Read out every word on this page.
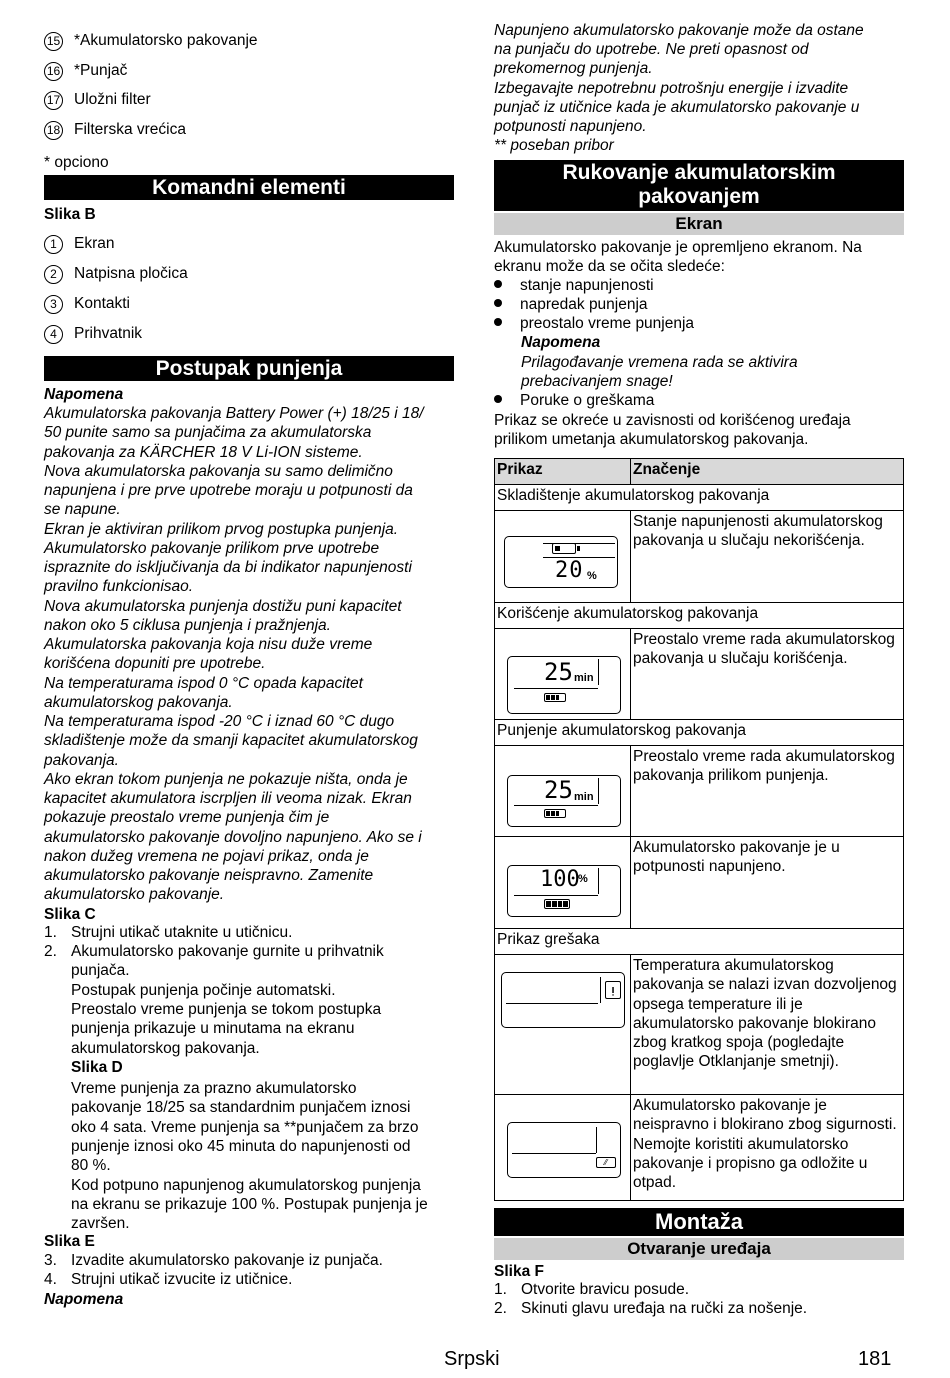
15 *Akumulatorsko pakovanje
16 *Punjač
17 Uložni filter
18 Filterska vrećica
* opciono
Komandni elementi
Slika B
1	Ekran
2	Natpisna pločica
3	Kontakti
4	Prihvatnik
Postupak punjenja
Napomena
Akumulatorska pakovanja Battery Power (+) 18/25 i 18/
50 punite samo sa punjačima za akumulatorska
pakovanja za KÄRCHER 18 V Li-ION sisteme.
Nova akumulatorska pakovanja su samo delimično
napunjena i pre prve upotrebe moraju u potpunosti da
se napune.
Ekran je aktiviran prilikom prvog postupka punjenja.
Akumulatorsko pakovanje prilikom prve upotrebe
ispraznite do isključivanja da bi indikator napunjenosti
pravilno funkcionisao.
Nova akumulatorska punjenja dostižu puni kapacitet
nakon oko 5 ciklusa punjenja i pražnjenja.
Akumulatorska pakovanja koja nisu duže vreme
korišćena dopuniti pre upotrebe.
Na temperaturama ispod 0 °C opada kapacitet
akumulatorskog pakovanja.
Na temperaturama ispod -20 °C i iznad 60 °C dugo
skladištenje može da smanji kapacitet akumulatorskog
pakovanja.
Ako ekran tokom punjenja ne pokazuje ništa, onda je
kapacitet akumulatora iscrpljen ili veoma nizak. Ekran
pokazuje preostalo vreme punjenja čim je
akumulatorsko pakovanje dovoljno napunjeno. Ako se i
nakon dužeg vremena ne pojavi prikaz, onda je
akumulatorsko pakovanje neispravno. Zamenite
akumulatorsko pakovanje.
Slika C
1. Strujni utikač utaknite u utičnicu.
2. Akumulatorsko pakovanje gurnite u prihvatnik
punjača.
Postupak punjenja počinje automatski.
Preostalo vreme punjenja se tokom postupka
punjenja prikazuje u minutama na ekranu
akumulatorskog pakovanja.
Slika D
Vreme punjenja za prazno akumulatorsko
pakovanje 18/25 sa standardnim punjačem iznosi
oko 4 sata. Vreme punjenja sa **punjačem za brzo
punjenje iznosi oko 45 minuta do napunjenosti od
80 %.
Kod potpuno napunjenog akumulatorskog punjenja
na ekranu se prikazuje 100 %. Postupak punjenja je
završen.
Slika E
3. Izvadite akumulatorsko pakovanje iz punjača.
4. Strujni utikač izvucite iz utičnice.
Napomena
Napunjeno akumulatorsko pakovanje može da ostane
na punjaču do upotrebe. Ne preti opasnost od
prekomernog punjenja.
Izbegavajte nepotrebnu potrošnju energije i izvadite
punjač iz utičnice kada je akumulatorsko pakovanje u
potpunosti napunjeno.
** poseban pribor
Rukovanje akumulatorskim
pakovanjem
Ekran
Akumulatorsko pakovanje je opremljeno ekranom. Na
ekranu može da se očita sledeće:
stanje napunjenosti
napredak punjenja
preostalo vreme punjenja
Napomena
Prilagođavanje vremena rada se aktivira
prebacivanjem snage!
Poruke o greškama
Prikaz se okreće u zavisnosti od korišćenog uređaja
prilikom umetanja akumulatorskog pakovanja.
Prikaz	Značenje
Skladištenje akumulatorskog pakovanja	

20 %	Stanje napunjenosti akumulatorskog pakovanja u slučaju nekorišćenja.
Korišćenje akumulatorskog pakovanja	

25 min	Preostalo vreme rada akumulatorskog pakovanja u slučaju korišćenja.
Punjenje akumulatorskog pakovanja	

25 min	Preostalo vreme rada akumulatorskog pakovanja prilikom punjenja.

100
%	Akumulatorsko pakovanje je u potpunosti napunjeno.
Prikaz grešaka	

ᴉ	Temperatura akumulatorskog pakovanja se nalazi izvan dozvoljenog opsega temperature ili je akumulatorsko pakovanje blokirano zbog kratkog spoja (pogledajte poglavlje Otklanjanje smetnji).

⁄⁄	Akumulatorsko pakovanje je neispravno i blokirano zbog sigurnosti. Nemojte koristiti akumulatorsko pakovanje i propisno ga odložite u otpad.
Montaža
Otvaranje uređaja
Slika F
1. Otvorite bravicu posude.
2. Skinuti glavu uređaja na ručki za nošenje.
Srpski	181
